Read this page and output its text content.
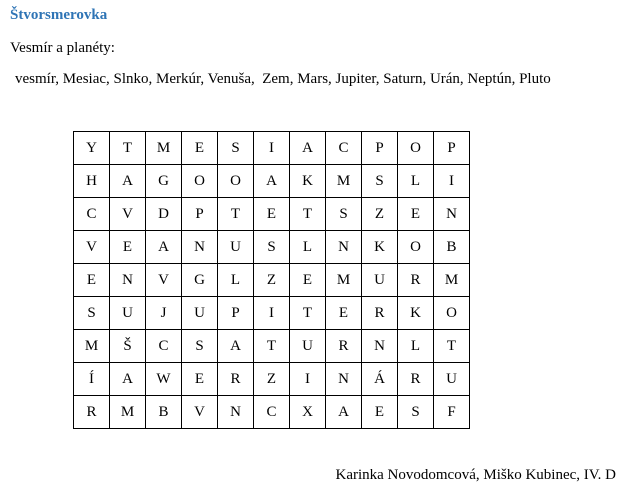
Štvorsmerovka
Vesmír a planéty:
vesmír, Mesiac, Slnko, Merkúr, Venuša,  Zem, Mars, Jupiter, Saturn, Urán, Neptún, Pluto
Y	T	M	E	S	I	A	C	P	O	P
H	A	G	O	O	A	K	M	S	L	I
C	V	D	P	T	E	T	S	Z	E	N
V	E	A	N	U	S	L	N	K	O	B
E	N	V	G	L	Z	E	M	U	R	M
S	U	J	U	P	I	T	E	R	K	O
M	Š	C	S	A	T	U	R	N	L	T
Í	A	W	E	R	Z	I	N	Á	R	U
R	M	B	V	N	C	X	A	E	S	F
Karinka Novodomcová, Miško Kubinec, IV. D
